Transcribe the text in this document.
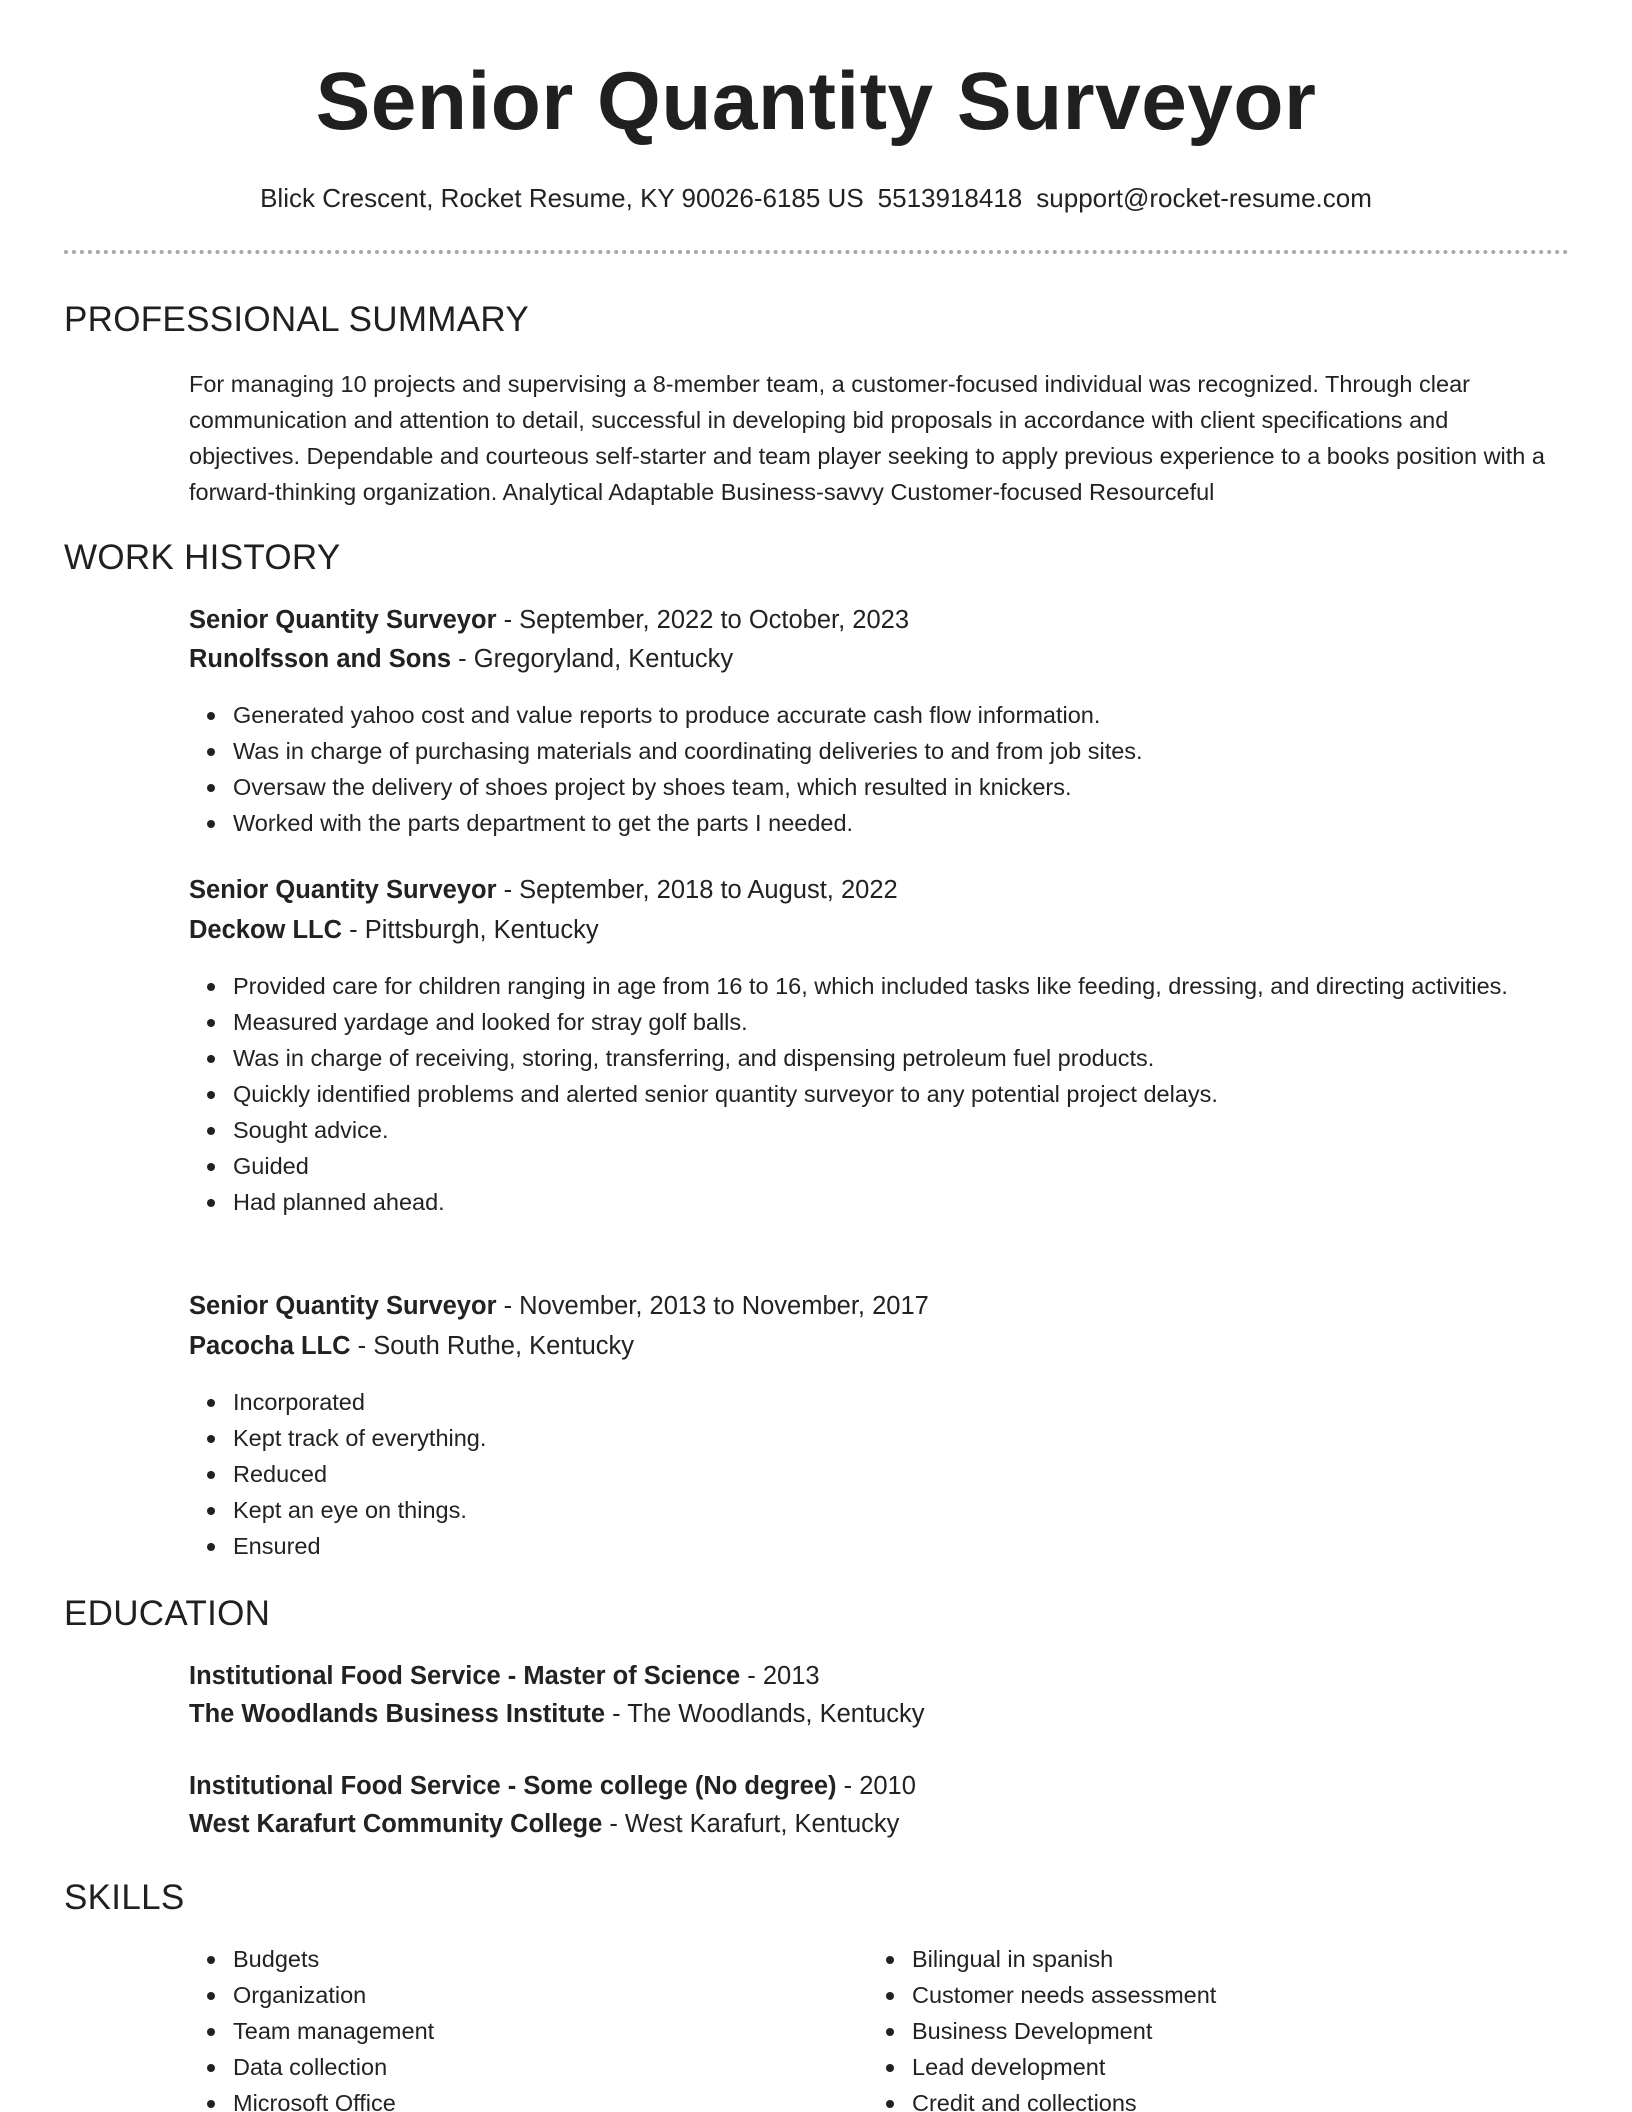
Senior Quantity Surveyor
Blick Crescent, Rocket Resume, KY 90026-6185 US 5513918418 support@rocket-resume.com
PROFESSIONAL SUMMARY
For managing 10 projects and supervising a 8-member team, a customer-focused individual was recognized. Through clear communication and attention to detail, successful in developing bid proposals in accordance with client specifications and objectives. Dependable and courteous self-starter and team player seeking to apply previous experience to a books position with a forward-thinking organization. Analytical Adaptable Business-savvy Customer-focused Resourceful
WORK HISTORY
Senior Quantity Surveyor - September, 2022 to October, 2023
Runolfsson and Sons - Gregoryland, Kentucky
Generated yahoo cost and value reports to produce accurate cash flow information.
Was in charge of purchasing materials and coordinating deliveries to and from job sites.
Oversaw the delivery of shoes project by shoes team, which resulted in knickers.
Worked with the parts department to get the parts I needed.
Senior Quantity Surveyor - September, 2018 to August, 2022
Deckow LLC - Pittsburgh, Kentucky
Provided care for children ranging in age from 16 to 16, which included tasks like feeding, dressing, and directing activities.
Measured yardage and looked for stray golf balls.
Was in charge of receiving, storing, transferring, and dispensing petroleum fuel products.
Quickly identified problems and alerted senior quantity surveyor to any potential project delays.
Sought advice.
Guided
Had planned ahead.
Senior Quantity Surveyor - November, 2013 to November, 2017
Pacocha LLC - South Ruthe, Kentucky
Incorporated
Kept track of everything.
Reduced
Kept an eye on things.
Ensured
EDUCATION
Institutional Food Service - Master of Science - 2013
The Woodlands Business Institute - The Woodlands, Kentucky
Institutional Food Service - Some college (No degree) - 2010
West Karafurt Community College - West Karafurt, Kentucky
SKILLS
Budgets
Organization
Team management
Data collection
Microsoft Office
Bilingual in spanish
Customer needs assessment
Business Development
Lead development
Credit and collections
